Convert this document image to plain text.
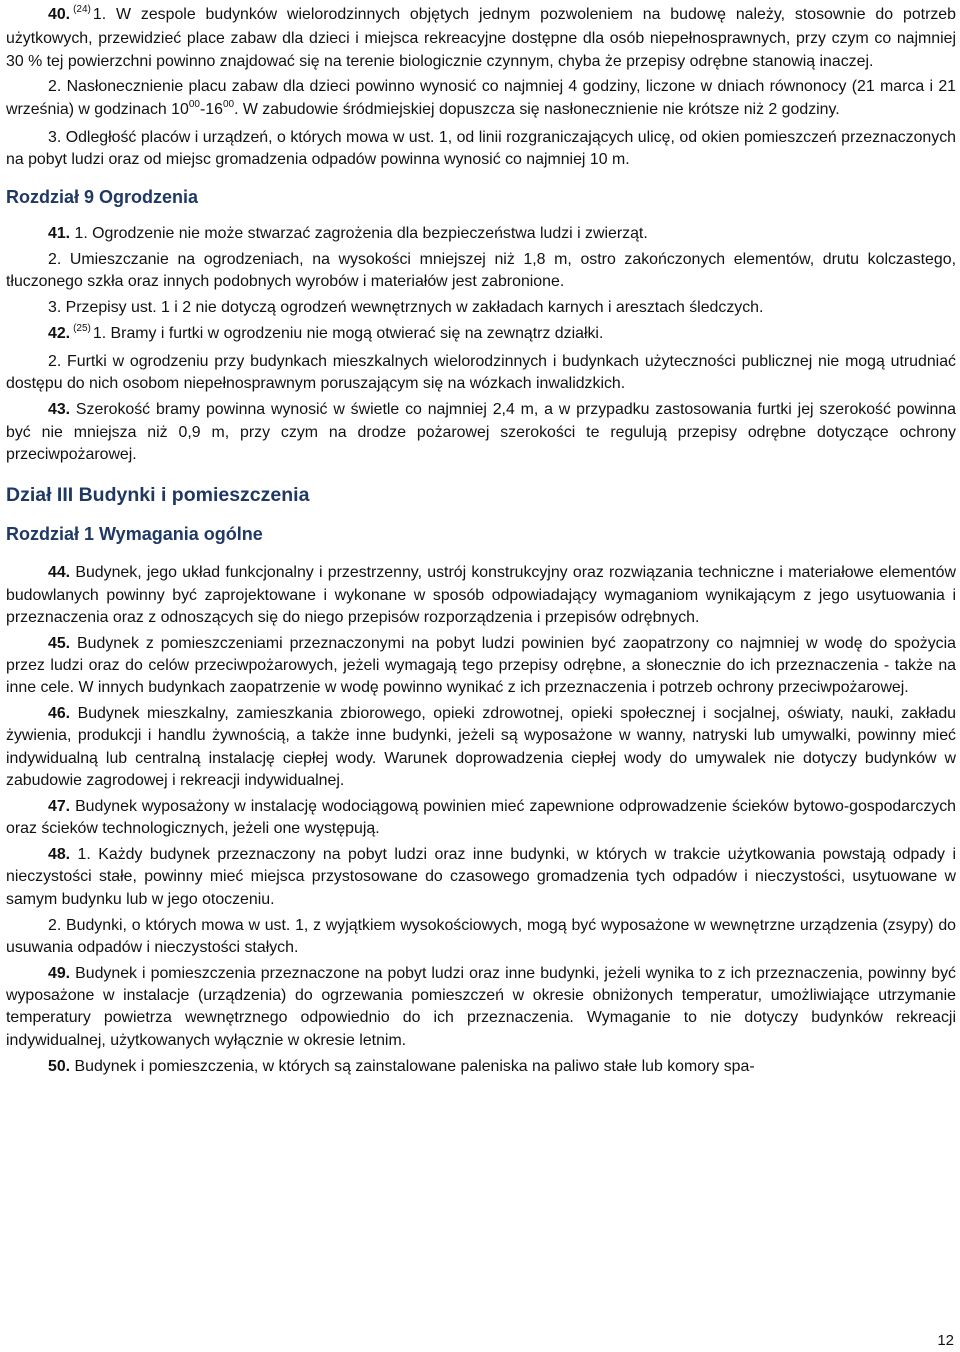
40. $^{(24)}$ 1. W zespole budynków wielorodzinnych objętych jednym pozwoleniem na budowę należy, stosownie do potrzeb użytkowych, przewidzieć place zabaw dla dzieci i miejsca rekreacyjne dostępne dla osób niepełnosprawnych, przy czym co najmniej 30 % tej powierzchni powinno znajdować się na terenie biologicznie czynnym, chyba że przepisy odrębne stanowią inaczej.

2. Nasłonecznienie placu zabaw dla dzieci powinno wynosić co najmniej 4 godziny, liczone w dniach równonocy (21 marca i 21 września) w godzinach $10^{00}-16^{00}$. W zabudowie śródmiejskiej dopuszcza się nasłonecznienie nie krótsze niż 2 godziny.

3. Odległość placów i urządzeń, o których mowa w ust. 1, od linii rozgraniczających ulicę, od okien pomieszczeń przeznaczonych na pobyt ludzi oraz od miejsc gromadzenia odpadów powinna wynosić co najmniej 10 m.

Rozdział 9 Ogrodzenia

41. 1. Ogrodzenie nie może stwarzać zagrożenia dla bezpieczeństwa ludzi i zwierząt.

2. Umieszczanie na ogrodzeniach, na wysokości mniejszej niż 1,8 m, ostro zakończonych elementów, drutu kolczastego, tłuczonego szkła oraz innych podobnych wyrobów i materiałów jest zabronione.

3. Przepisy ust. 1 i 2 nie dotyczą ogrodzeń wewnętrznych w zakładach karnych i aresztach śledczych.

42. $^{(25)}$ 1. Bramy i furtki w ogrodzeniu nie mogą otwierać się na zewnątrz działki.

2. Furtki w ogrodzeniu przy budynkach mieszkalnych wielorodzinnych i budynkach użyteczności publicznej nie mogą utrudniać dostępu do nich osobom niepełnosprawnym poruszającym się na wózkach inwalidzkich.

43. Szerokość bramy powinna wynosić w świetle co najmniej 2,4 m, a w przypadku zastosowania furtki jej szerokość powinna być nie mniejsza niż 0,9 m, przy czym na drodze pożarowej szerokości te regulują przepisy odrębne dotyczące ochrony przeciwpożarowej.

Dział III Budynki i pomieszczenia
Rozdział 1 Wymagania ogólne

44. Budynek, jego układ funkcjonalny i przestrzenny, ustrój konstrukcyjny oraz rozwiązania techniczne i materiałowe elementów budowlanych powinny być zaprojektowane i wykonane w sposób odpowiadający wymaganiom wynikającym z jego usytuowania i przeznaczenia oraz z odnoszących się do niego przepisów rozporządzenia i przepisów odrębnych.

45. Budynek z pomieszczeniami przeznaczonymi na pobyt ludzi powinien być zaopatrzony co najmniej w wodę do spożycia przez ludzi oraz do celów przeciwpożarowych, jeżeli wymagają tego przepisy odrębne, a słonecznie do ich przeznaczenia - także na inne cele. W innych budynkach zaopatrzenie w wodę powinno wynikać z ich przeznaczenia i potrzeb ochrony przeciwpożarowej.

46. Budynek mieszkalny, zamieszkania zbiorowego, opieki zdrowotnej, opieki społecznej i socjalnej, oświaty, nauki, zakładu żywienia, produkcji i handlu żywnością, a także inne budynki, jeżeli są wyposażone w wanny, natryski lub umywalki, powinny mieć indywidualną lub centralną instalację ciepłej wody. Warunek doprowadzenia ciepłej wody do umywalek nie dotyczy budynków w zabudowie zagrodowej i rekreacji indywidualnej.

47. Budynek wyposażony w instalację wodociągową powinien mieć zapewnione odprowadzenie ścieków bytowo-gospodarczych oraz ścieków technologicznych, jeżeli one występują.

48. 1. Każdy budynek przeznaczony na pobyt ludzi oraz inne budynki, w których w trakcie użytkowania powstają odpady i nieczystości stałe, powinny mieć miejsca przystosowane do czasowego gromadzenia tych odpadów i nieczystości, usytuowane w samym budynku lub w jego otoczeniu.

2. Budynki, o których mowa w ust. 1, z wyjątkiem wysokościowych, mogą być wyposażone w wewnętrzne urządzenia (zsypy) do usuwania odpadów i nieczystości stałych.

49. Budynek i pomieszczenia przeznaczone na pobyt ludzi oraz inne budynki, jeżeli wynika to z ich przeznaczenia, powinny być wyposażone w instalacje (urządzenia) do ogrzewania pomieszczeń w okresie obniżonych temperatur, umożliwiające utrzymanie temperatury powietrza wewnętrznego odpowiednio do ich przeznaczenia. Wymaganie to nie dotyczy budynków rekreacji indywidualnej, użytkowanych wyłącznie w okresie letnim.

50. Budynek i pomieszczenia, w których są zainstalowane paleniska na paliwo stałe lub komory spa-

12
